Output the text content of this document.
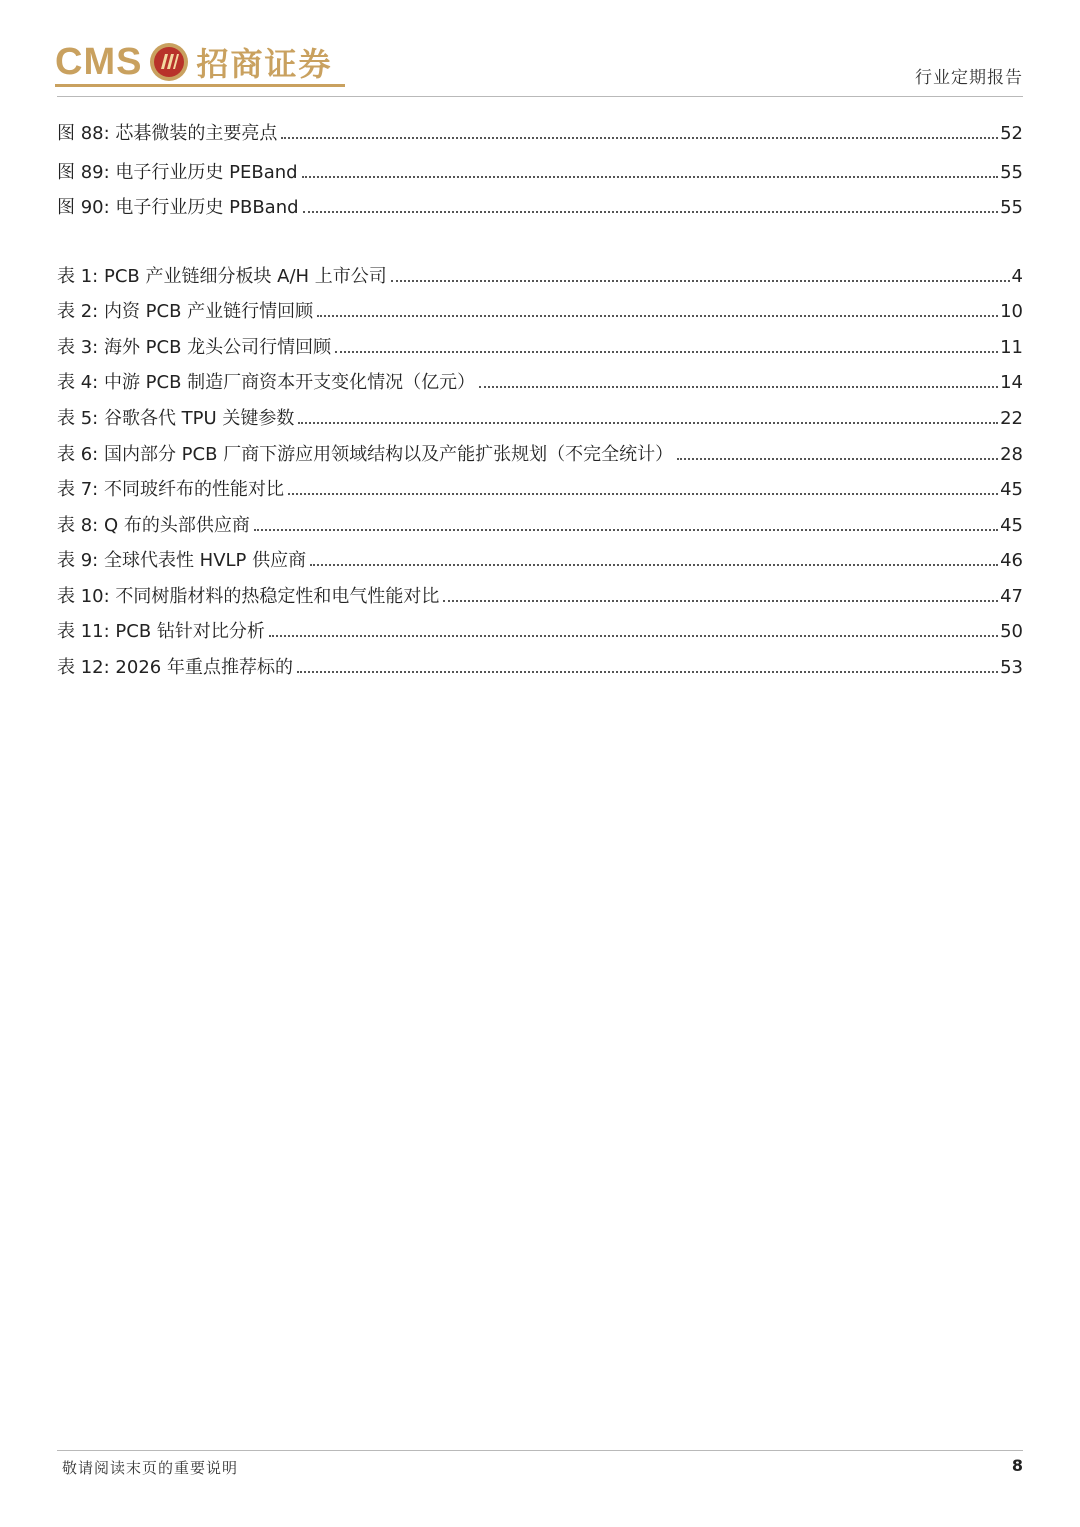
CMS 招商证券	行业定期报告
图 88: 芯碁微装的主要亮点	52
图 89: 电子行业历史 PEBand	55
图 90: 电子行业历史 PBBand	55
表 1: PCB 产业链细分板块 A/H 上市公司	4
表 2: 内资 PCB 产业链行情回顾	10
表 3: 海外 PCB 龙头公司行情回顾	11
表 4: 中游 PCB 制造厂商资本开支变化情况（亿元）	14
表 5: 谷歌各代 TPU 关键参数	22
表 6: 国内部分 PCB 厂商下游应用领域结构以及产能扩张规划（不完全统计）	28
表 7: 不同玻纤布的性能对比	45
表 8: Q 布的头部供应商	45
表 9: 全球代表性 HVLP 供应商	46
表 10: 不同树脂材料的热稳定性和电气性能对比	47
表 11: PCB 钻针对比分析	50
表 12: 2026 年重点推荐标的	53
敬请阅读末页的重要说明	8
